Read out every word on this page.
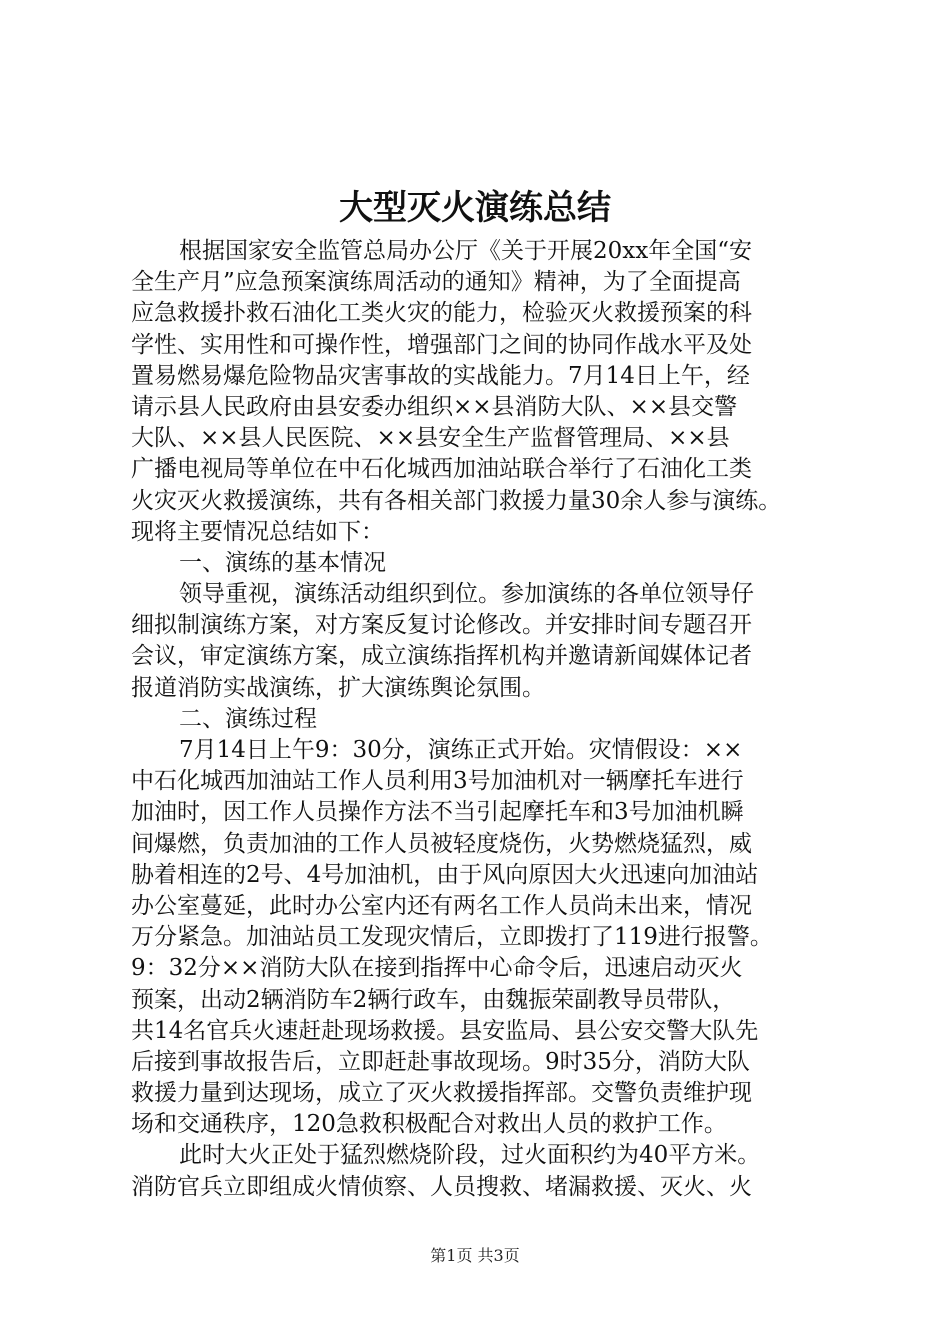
大型灭火演练总结
根据国家安全监管总局办公厅《关于开展20xx年全国“安
全生产月”应急预案演练周活动的通知》精神，为了全面提高
应急救援扑救石油化工类火灾的能力，检验灭火救援预案的科
学性、实用性和可操作性，增强部门之间的协同作战水平及处
置易燃易爆危险物品灾害事故的实战能力。7月14日上午，经
请示县人民政府由县安委办组织××县消防大队、××县交警
大队、××县人民医院、××县安全生产监督管理局、××县
广播电视局等单位在中石化城西加油站联合举行了石油化工类
火灾灭火救援演练，共有各相关部门救援力量30余人参与演练。
现将主要情况总结如下：
一、演练的基本情况
领导重视，演练活动组织到位。参加演练的各单位领导仔
细拟制演练方案，对方案反复讨论修改。并安排时间专题召开
会议，审定演练方案，成立演练指挥机构并邀请新闻媒体记者
报道消防实战演练，扩大演练舆论氛围。
二、演练过程
7月14日上午9：30分，演练正式开始。灾情假设：××
中石化城西加油站工作人员利用3号加油机对一辆摩托车进行
加油时，因工作人员操作方法不当引起摩托车和3号加油机瞬
间爆燃，负责加油的工作人员被轻度烧伤，火势燃烧猛烈，威
胁着相连的2号、4号加油机，由于风向原因大火迅速向加油站
办公室蔓延，此时办公室内还有两名工作人员尚未出来，情况
万分紧急。加油站员工发现灾情后，立即拨打了119进行报警。
9：32分××消防大队在接到指挥中心命令后，迅速启动灭火
预案，出动2辆消防车2辆行政车，由魏振荣副教导员带队，
共14名官兵火速赶赴现场救援。县安监局、县公安交警大队先
后接到事故报告后，立即赶赴事故现场。9时35分，消防大队
救援力量到达现场，成立了灭火救援指挥部。交警负责维护现
场和交通秩序，120急救积极配合对救出人员的救护工作。
此时大火正处于猛烈燃烧阶段，过火面积约为40平方米。
消防官兵立即组成火情侦察、人员搜救、堵漏救援、灭火、火
第1页 共3页
